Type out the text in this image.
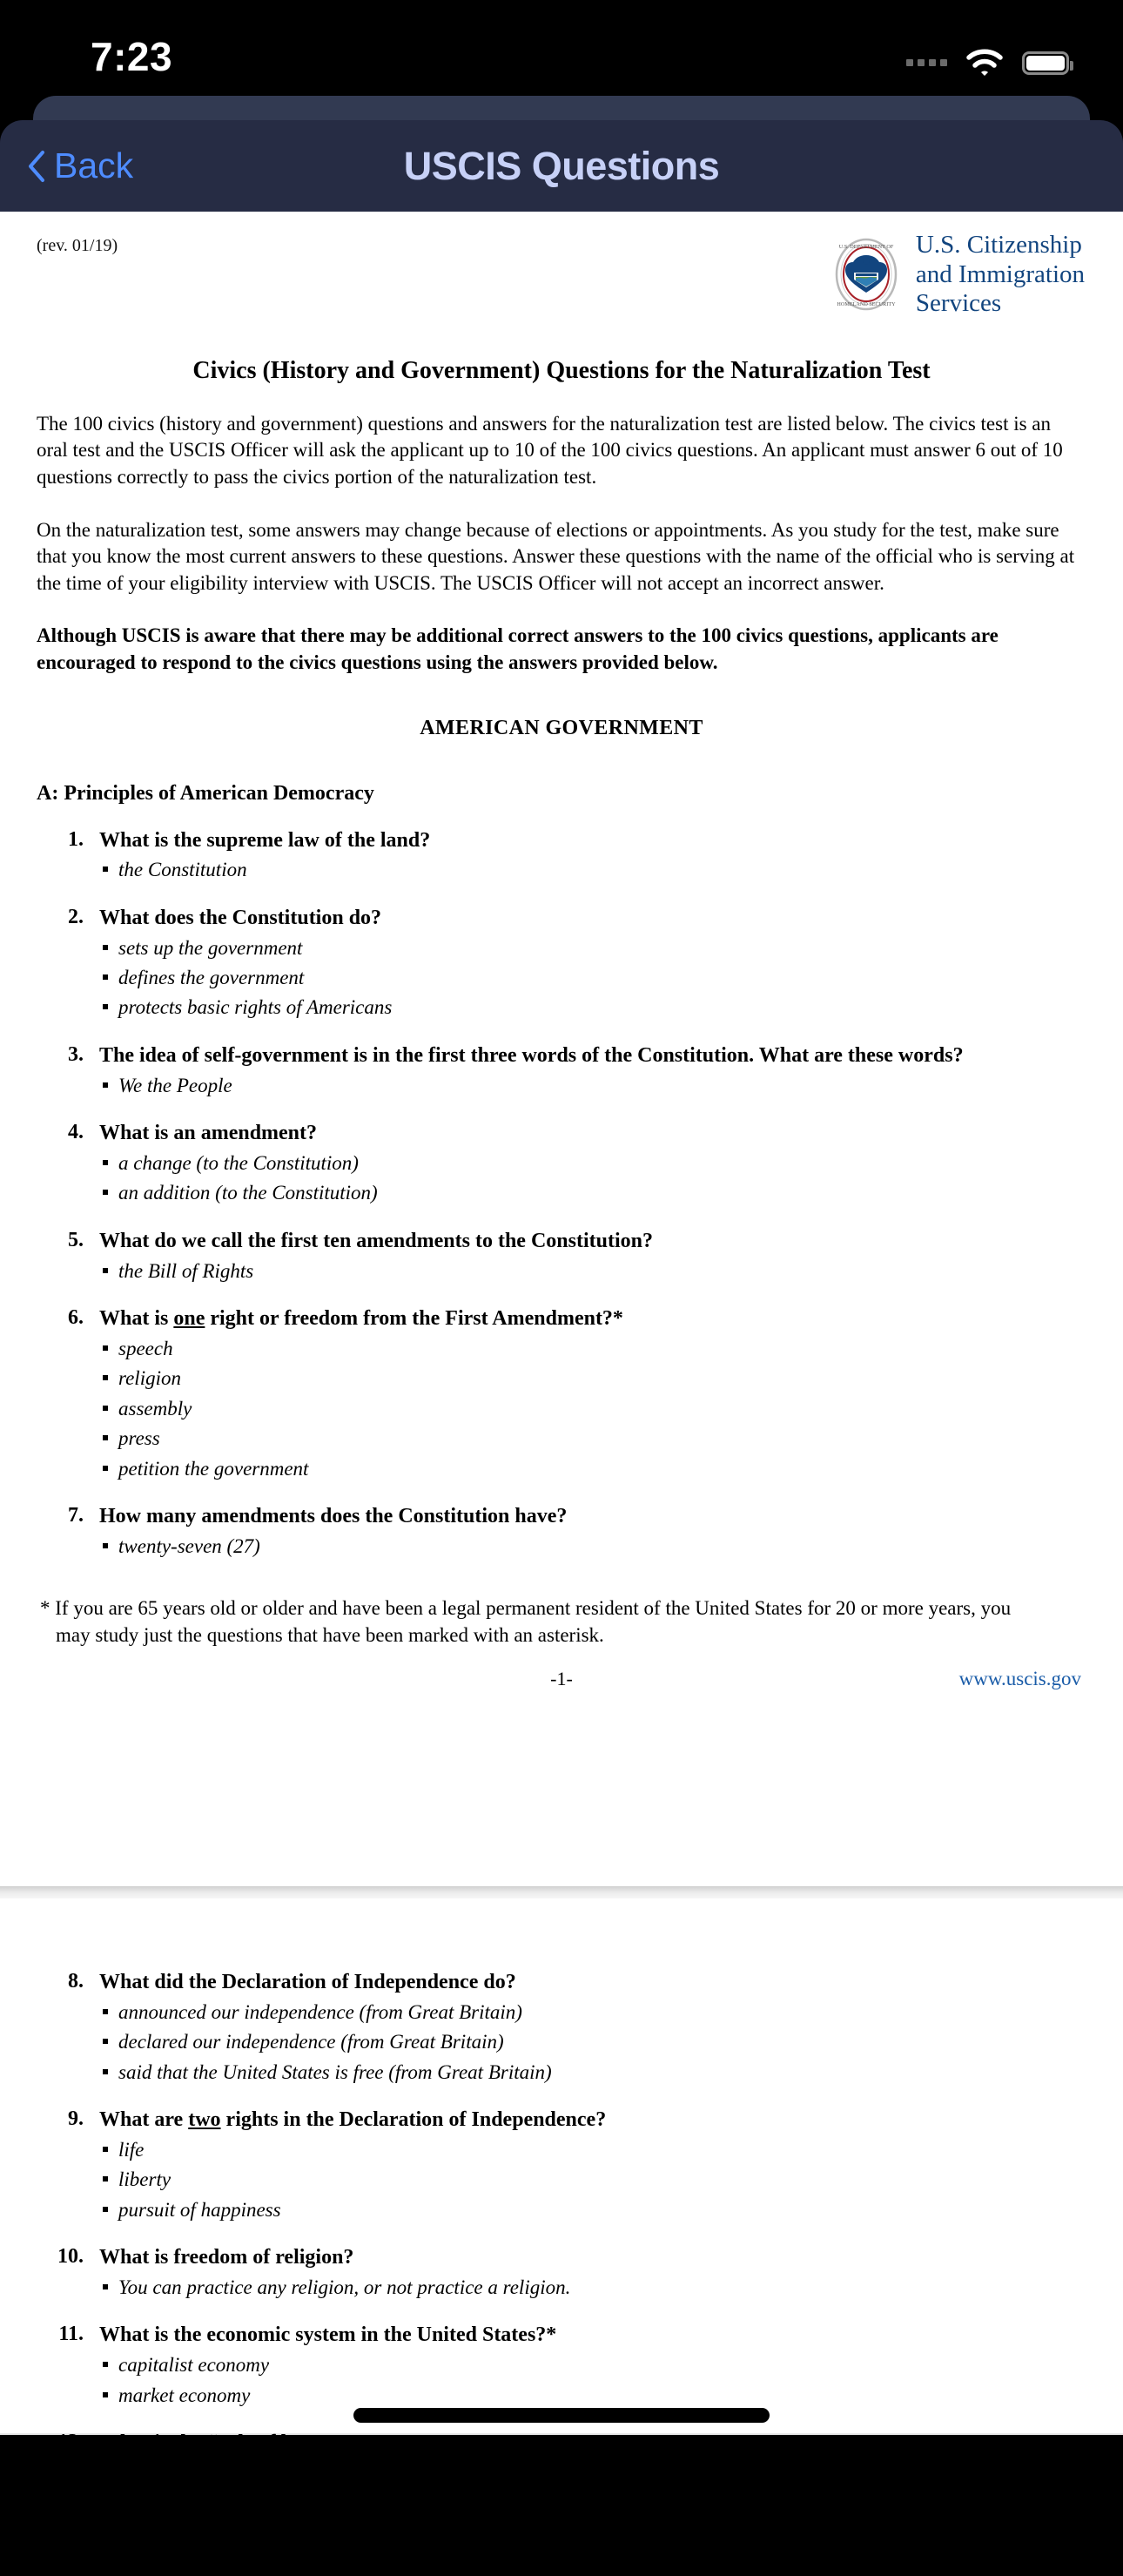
7:23
Back	USCIS Questions
(rev. 01/19)	U.S. DEPARTMENT OF
HOMELAND SECURITY
U.S. Citizenship
and Immigration
Services
Civics (History and Government) Questions for the Naturalization Test
The 100 civics (history and government) questions and answers for the naturalization test are listed below. The civics test is an oral test and the USCIS Officer will ask the applicant up to 10 of the 100 civics questions. An applicant must answer 6 out of 10 questions correctly to pass the civics portion of the naturalization test.
On the naturalization test, some answers may change because of elections or appointments. As you study for the test, make sure that you know the most current answers to these questions. Answer these questions with the name of the official who is serving at the time of your eligibility interview with USCIS. The USCIS Officer will not accept an incorrect answer.
Although USCIS is aware that there may be additional correct answers to the 100 civics questions, applicants are encouraged to respond to the civics questions using the answers provided below.
AMERICAN GOVERNMENT
A: Principles of American Democracy
1. What is the supreme law of the land?
the Constitution
2. What does the Constitution do?
sets up the government
defines the government
protects basic rights of Americans
3. The idea of self-government is in the first three words of the Constitution. What are these words?
We the People
4. What is an amendment?
a change (to the Constitution)
an addition (to the Constitution)
5. What do we call the first ten amendments to the Constitution?
the Bill of Rights
6. What is one right or freedom from the First Amendment?*
speech
religion
assembly
press
petition the government
7. How many amendments does the Constitution have?
twenty-seven (27)
* If you are 65 years old or older and have been a legal permanent resident of the United States for 20 or more years, you
may study just the questions that have been marked with an asterisk.
-1-	www.uscis.gov
8. What did the Declaration of Independence do?
announced our independence (from Great Britain)
declared our independence (from Great Britain)
said that the United States is free (from Great Britain)
9. What are two rights in the Declaration of Independence?
life
liberty
pursuit of happiness
10. What is freedom of religion?
You can practice any religion, or not practice a religion.
11. What is the economic system in the United States?*
capitalist economy
market economy
12. What is the “rule of law”?
Everyone must follow the law.
Leaders must obey the law.
Government must obey the law.
No one is above the law.
